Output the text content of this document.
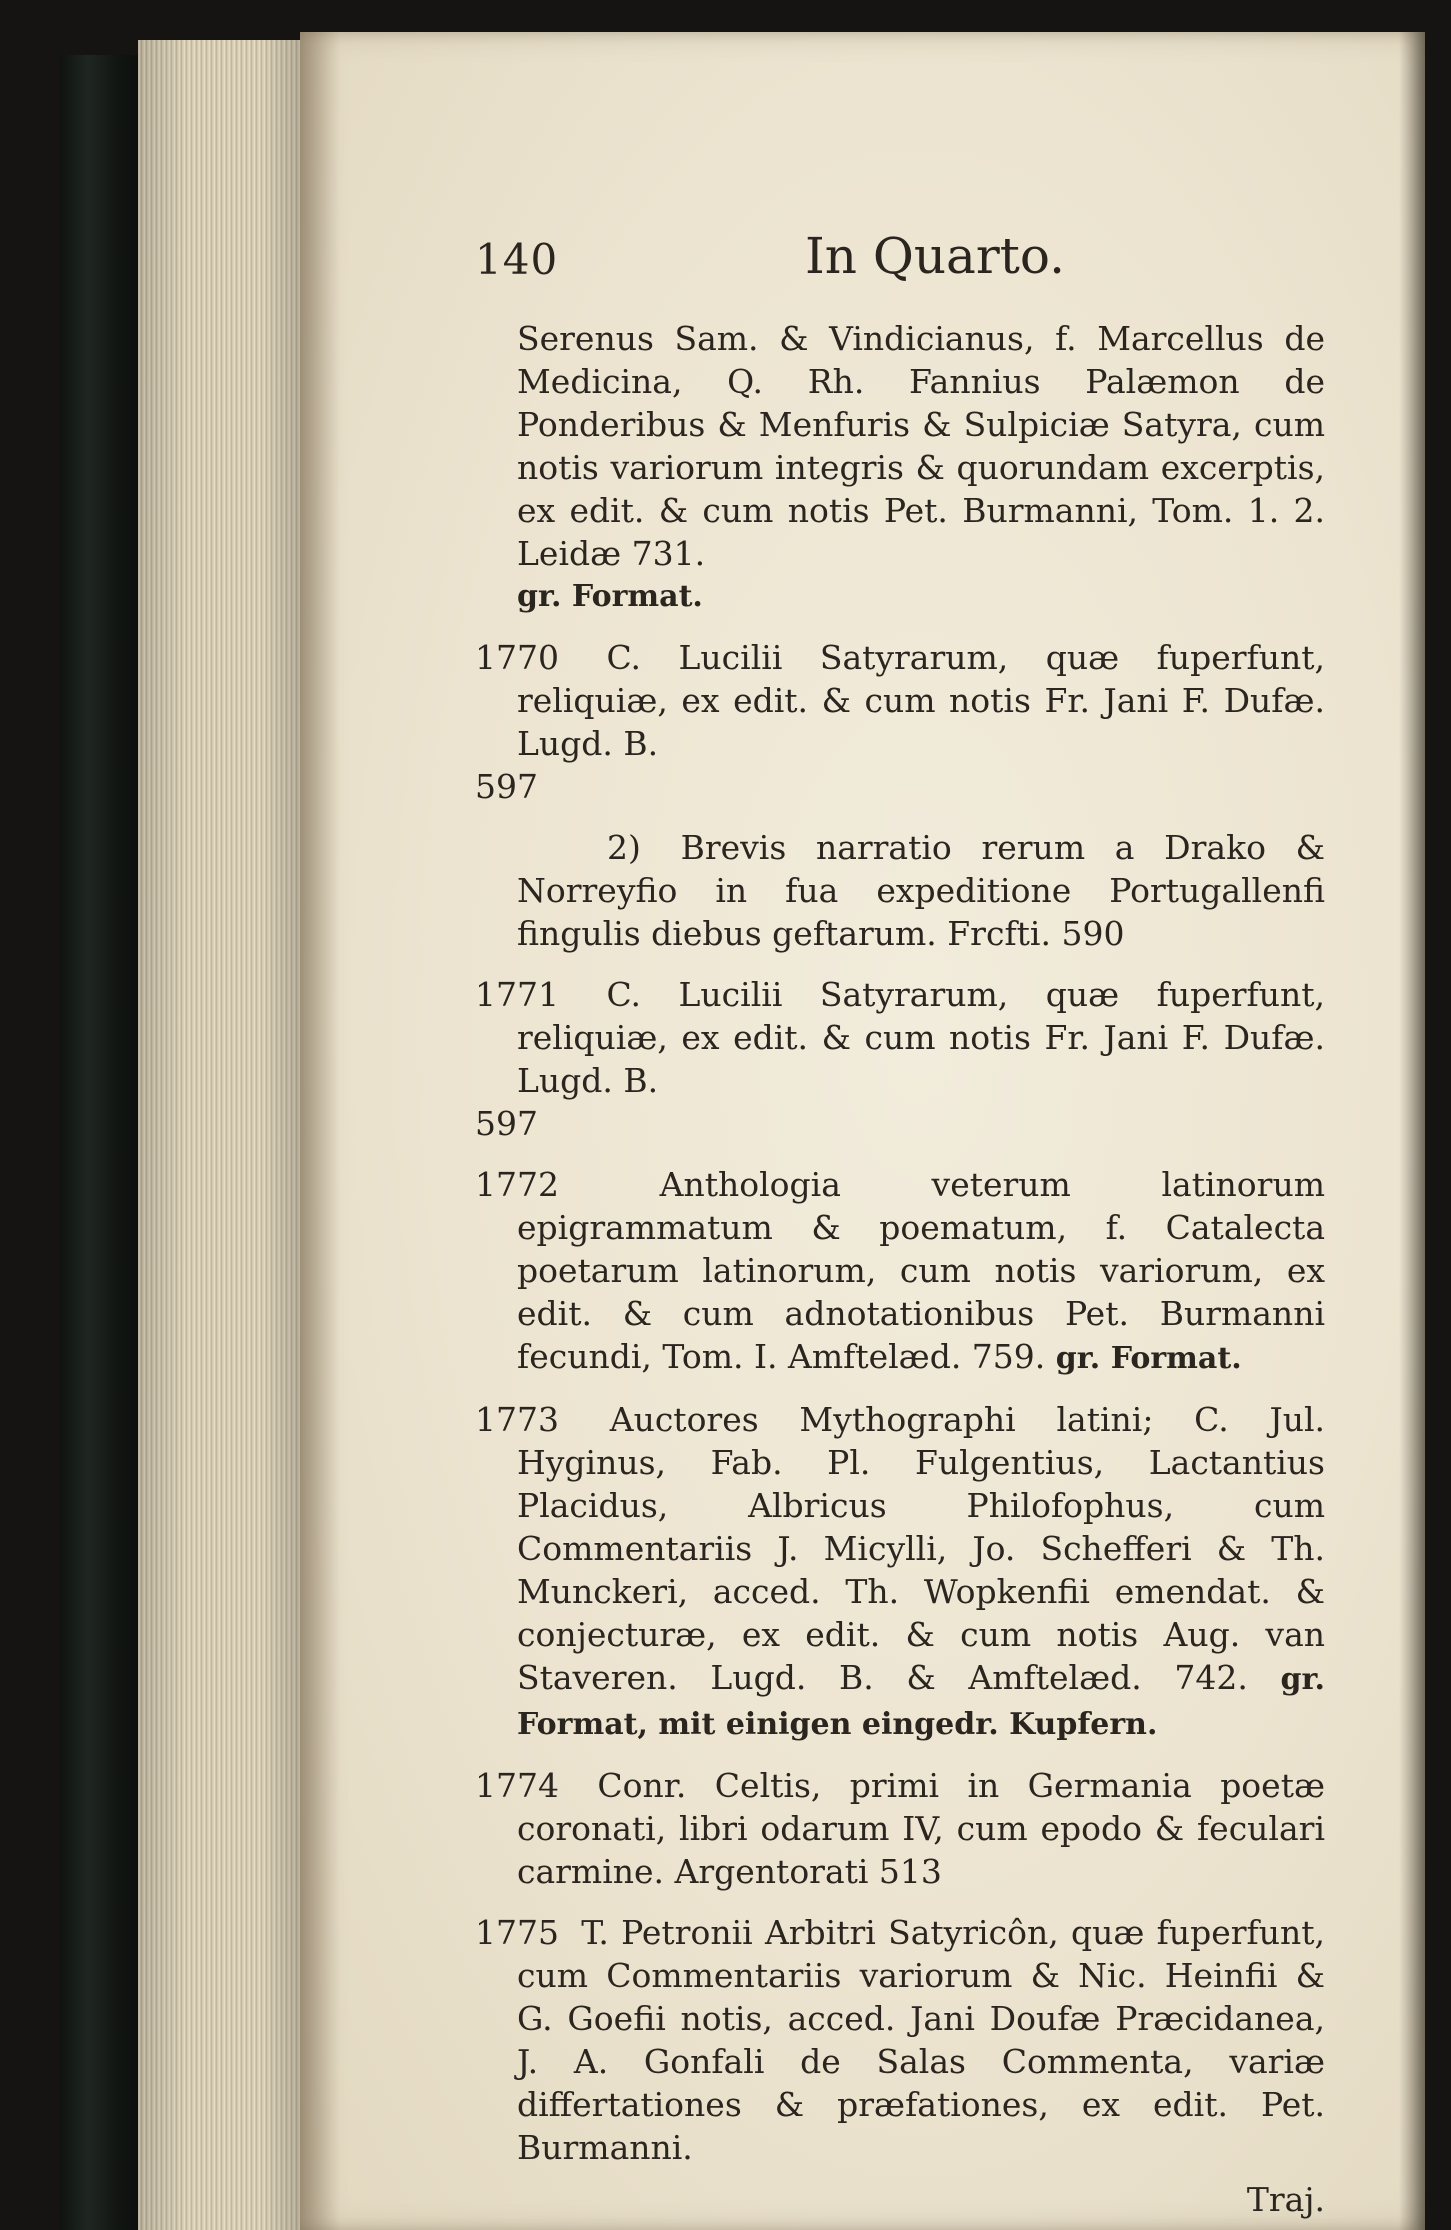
140	In Quarto.
Serenus Sam. & Vindicianus, f. Marcellus de Medicina, Q. Rh. Fannius Palæmon de Ponderibus & Menfuris & Sulpiciæ Satyra, cum notis variorum integris & quorundam excerptis, ex edit. & cum notis Pet. Burmanni, Tom. 1. 2. Leidæ 731.
gr. Format.
1770 C. Lucilii Satyrarum, quæ fuperfunt, reliquiæ, ex edit. & cum notis Fr. Jani F. Dufæ. Lugd. B.
597
2) Brevis narratio rerum a Drako & Norreyfio in fua expeditione Portugallenfi fingulis diebus geftarum. Frcfti. 590
1771 C. Lucilii Satyrarum, quæ fuperfunt, reliquiæ, ex edit. & cum notis Fr. Jani F. Dufæ. Lugd. B.
597
1772	Anthologia veterum latinorum epigrammatum & poematum, f. Catalecta poetarum latinorum, cum notis variorum, ex edit. & cum adnotationibus Pet. Burmanni fecundi, Tom. I. Amftelæd. 759. gr. Format.
1773 Auctores Mythographi latini; C. Jul. Hyginus, Fab. Pl. Fulgentius, Lactantius Placidus, Albricus Philofophus, cum Commentariis J. Micylli, Jo. Schefferi & Th. Munckeri, acced. Th. Wopkenfii emendat. & conjecturæ, ex edit. & cum notis Aug. van Staveren. Lugd. B. & Amftelæd. 742. gr. Format, mit einigen eingedr. Kupfern.
1774 Conr. Celtis, primi in Germania poetæ coronati, libri odarum IV, cum epodo & feculari carmine. Argentorati 513
1775 T. Petronii Arbitri Satyricôn, quæ fuperfunt, cum Commentariis variorum & Nic. Heinfii & G. Goefii notis, acced. Jani Doufæ Præcidanea, J. A. Gonfali de Salas Commenta, variæ differtationes & præfationes, ex edit. Pet. Burmanni.
Traj.
